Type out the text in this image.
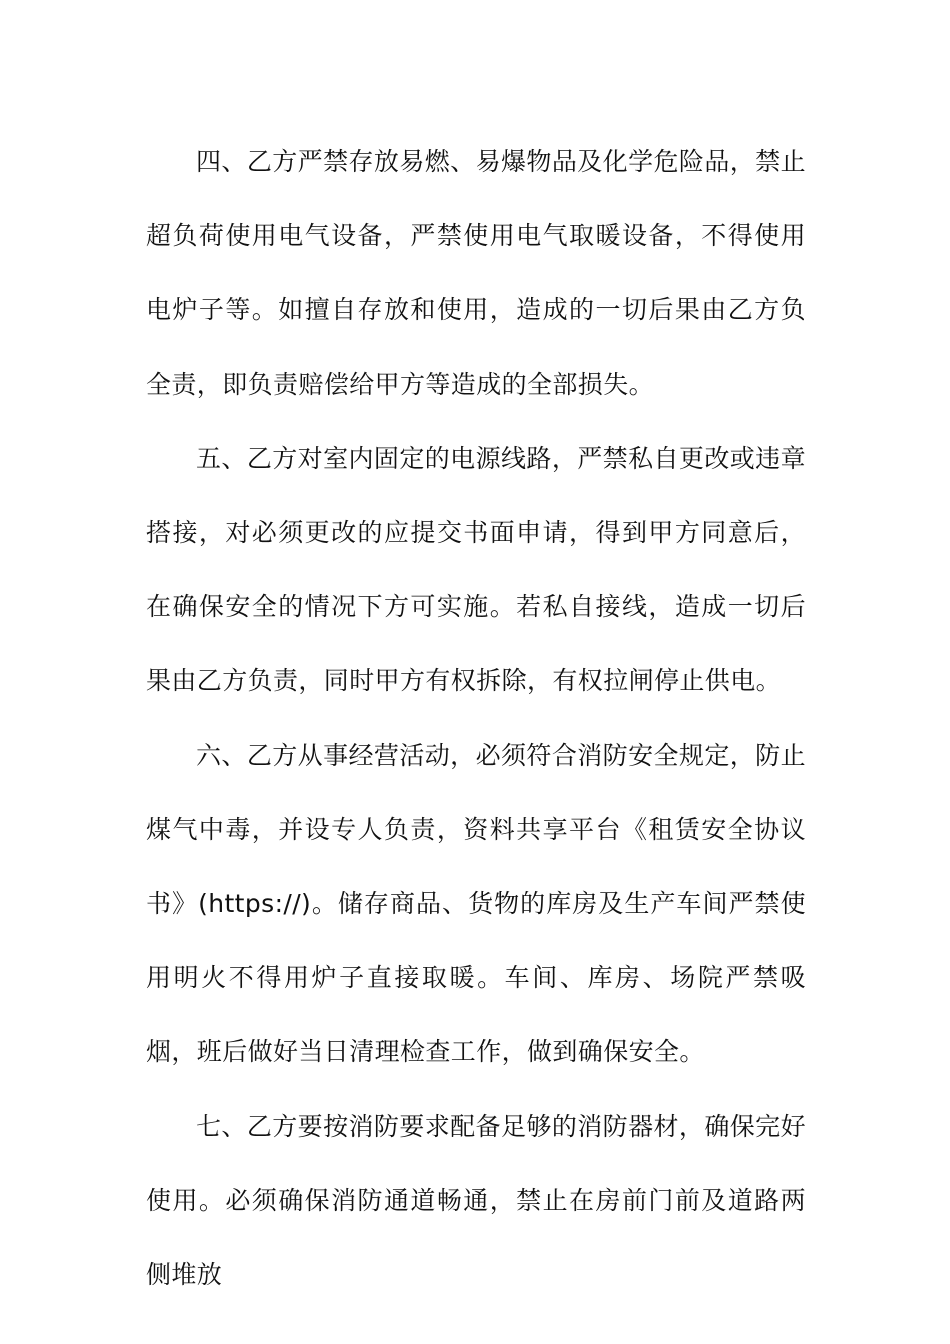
四、乙方严禁存放易燃、易爆物品及化学危险品，禁止超负荷使用电气设备，严禁使用电气取暖设备，不得使用电炉子等。如擅自存放和使用，造成的一切后果由乙方负全责，即负责赔偿给甲方等造成的全部损失。

五、乙方对室内固定的电源线路，严禁私自更改或违章搭接，对必须更改的应提交书面申请，得到甲方同意后，在确保安全的情况下方可实施。若私自接线，造成一切后果由乙方负责，同时甲方有权拆除，有权拉闸停止供电。

六、乙方从事经营活动，必须符合消防安全规定，防止煤气中毒，并设专人负责，资料共享平台《租赁安全协议书》(https://)。储存商品、货物的库房及生产车间严禁使用明火不得用炉子直接取暖。车间、库房、场院严禁吸烟，班后做好当日清理检查工作，做到确保安全。

七、乙方要按消防要求配备足够的消防器材，确保完好使用。必须确保消防通道畅通，禁止在房前门前及道路两侧堆放
